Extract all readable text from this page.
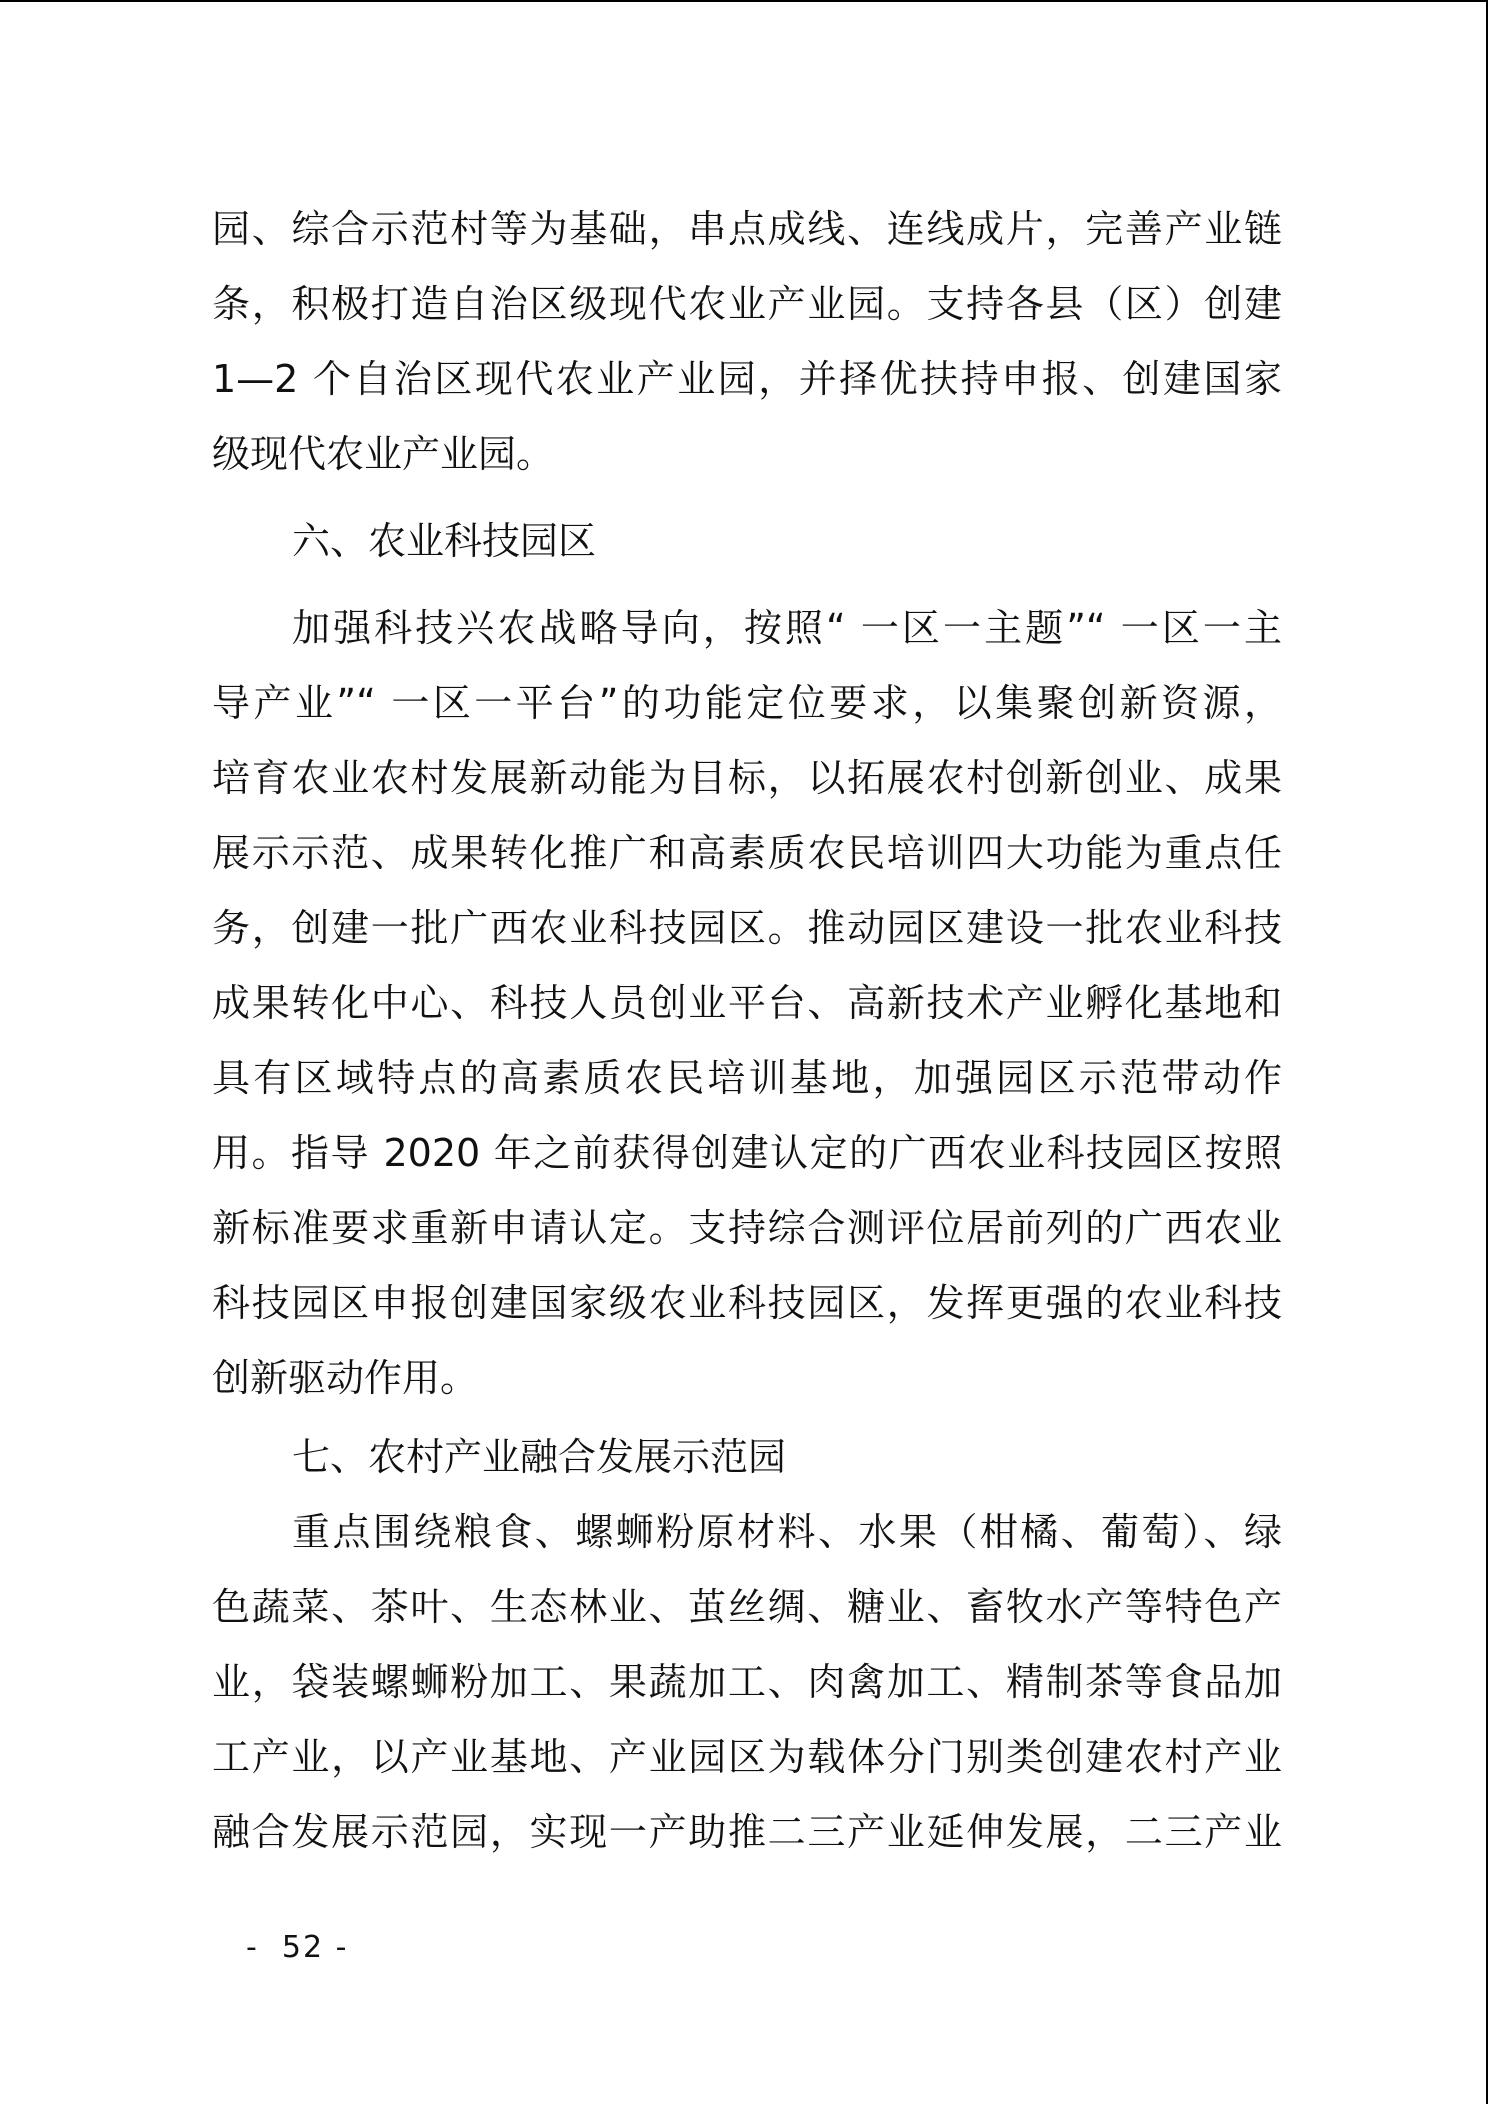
园、综合示范村等为基础，串点成线、连线成片，完善产业链
条，积极打造自治区级现代农业产业园。支持各县（区）创建
1—2 个自治区现代农业产业园，并择优扶持申报、创建国家
级现代农业产业园。
六、农业科技园区
加强科技兴农战略导向，按照“ 一区一主题”“ 一区一主
导产业”“ 一区一平台”的功能定位要求，以集聚创新资源，
培育农业农村发展新动能为目标，以拓展农村创新创业、成果
展示示范、成果转化推广和高素质农民培训四大功能为重点任
务，创建一批广西农业科技园区。推动园区建设一批农业科技
成果转化中心、科技人员创业平台、高新技术产业孵化基地和
具有区域特点的高素质农民培训基地，加强园区示范带动作
用。指导 2020 年之前获得创建认定的广西农业科技园区按照
新标准要求重新申请认定。支持综合测评位居前列的广西农业
科技园区申报创建国家级农业科技园区，发挥更强的农业科技
创新驱动作用。
七、农村产业融合发展示范园
重点围绕粮食、螺蛳粉原材料、水果（柑橘、葡萄）、绿
色蔬菜、茶叶、生态林业、茧丝绸、糖业、畜牧水产等特色产
业，袋装螺蛳粉加工、果蔬加工、肉禽加工、精制茶等食品加
工产业，以产业基地、产业园区为载体分门别类创建农村产业
融合发展示范园，实现一产助推二三产业延伸发展，二三产业
-  52 -
